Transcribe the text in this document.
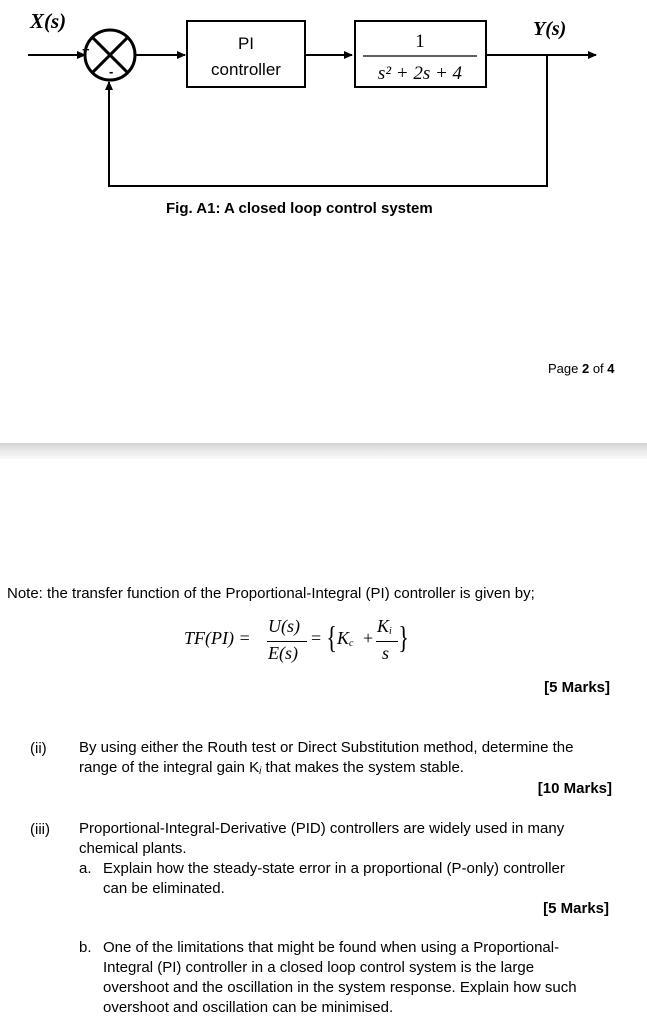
X(s)	Y(s)
+
-
PI
controller
1
s² + 2s + 4
Fig. A1: A closed loop control system
Page 2 of 4
Note: the transfer function of the Proportional-Integral (PI) controller is given by;
TF(PI) =
U(s)
E(s)
= { $K_c$ +
$K_i$
s }
[5 Marks]
(ii) By using either the Routh test or Direct Substitution method, determine the
range of the integral gain $K_i$ that makes the system stable.
[10 Marks]
(iii) Proportional-Integral-Derivative (PID) controllers are widely used in many
chemical plants.
a. Explain how the steady-state error in a proportional (P-only) controller
can be eliminated.
[5 Marks]
b. One of the limitations that might be found when using a Proportional-
Integral (PI) controller in a closed loop control system is the large
overshoot and the oscillation in the system response. Explain how such
overshoot and oscillation can be minimised.
